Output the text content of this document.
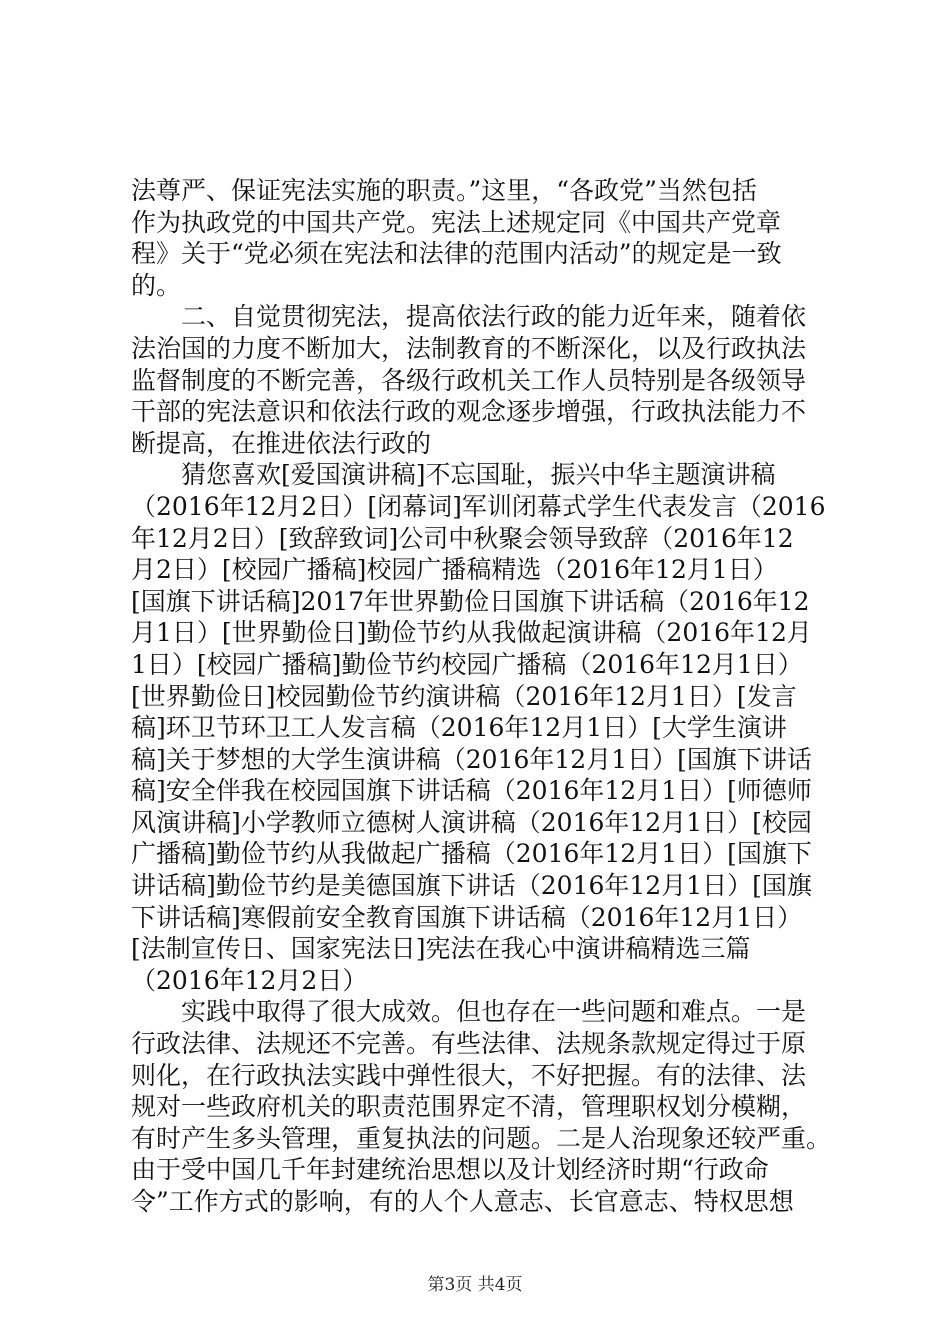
法尊严、保证宪法实施的职责。”这里，“各政党”当然包括
作为执政党的中国共产党。宪法上述规定同《中国共产党章
程》关于“党必须在宪法和法律的范围内活动”的规定是一致
的。
二、自觉贯彻宪法，提高依法行政的能力近年来，随着依
法治国的力度不断加大，法制教育的不断深化，以及行政执法
监督制度的不断完善，各级行政机关工作人员特别是各级领导
干部的宪法意识和依法行政的观念逐步增强，行政执法能力不
断提高，在推进依法行政的
猜您喜欢[爱国演讲稿]不忘国耻，振兴中华主题演讲稿
（2016年12月2日）[闭幕词]军训闭幕式学生代表发言（2016
年12月2日）[致辞致词]公司中秋聚会领导致辞（2016年12
月2日）[校园广播稿]校园广播稿精选（2016年12月1日）
[国旗下讲话稿]2017年世界勤俭日国旗下讲话稿（2016年12
月1日）[世界勤俭日]勤俭节约从我做起演讲稿（2016年12月
1日）[校园广播稿]勤俭节约校园广播稿（2016年12月1日）
[世界勤俭日]校园勤俭节约演讲稿（2016年12月1日）[发言
稿]环卫节环卫工人发言稿（2016年12月1日）[大学生演讲
稿]关于梦想的大学生演讲稿（2016年12月1日）[国旗下讲话
稿]安全伴我在校园国旗下讲话稿（2016年12月1日）[师德师
风演讲稿]小学教师立德树人演讲稿（2016年12月1日）[校园
广播稿]勤俭节约从我做起广播稿（2016年12月1日）[国旗下
讲话稿]勤俭节约是美德国旗下讲话（2016年12月1日）[国旗
下讲话稿]寒假前安全教育国旗下讲话稿（2016年12月1日）
[法制宣传日、国家宪法日]宪法在我心中演讲稿精选三篇
（2016年12月2日）
实践中取得了很大成效。但也存在一些问题和难点。一是
行政法律、法规还不完善。有些法律、法规条款规定得过于原
则化，在行政执法实践中弹性很大，不好把握。有的法律、法
规对一些政府机关的职责范围界定不清，管理职权划分模糊，
有时产生多头管理，重复执法的问题。二是人治现象还较严重。
由于受中国几千年封建统治思想以及计划经济时期“行政命
令”工作方式的影响，有的人个人意志、长官意志、特权思想
第3页 共4页
